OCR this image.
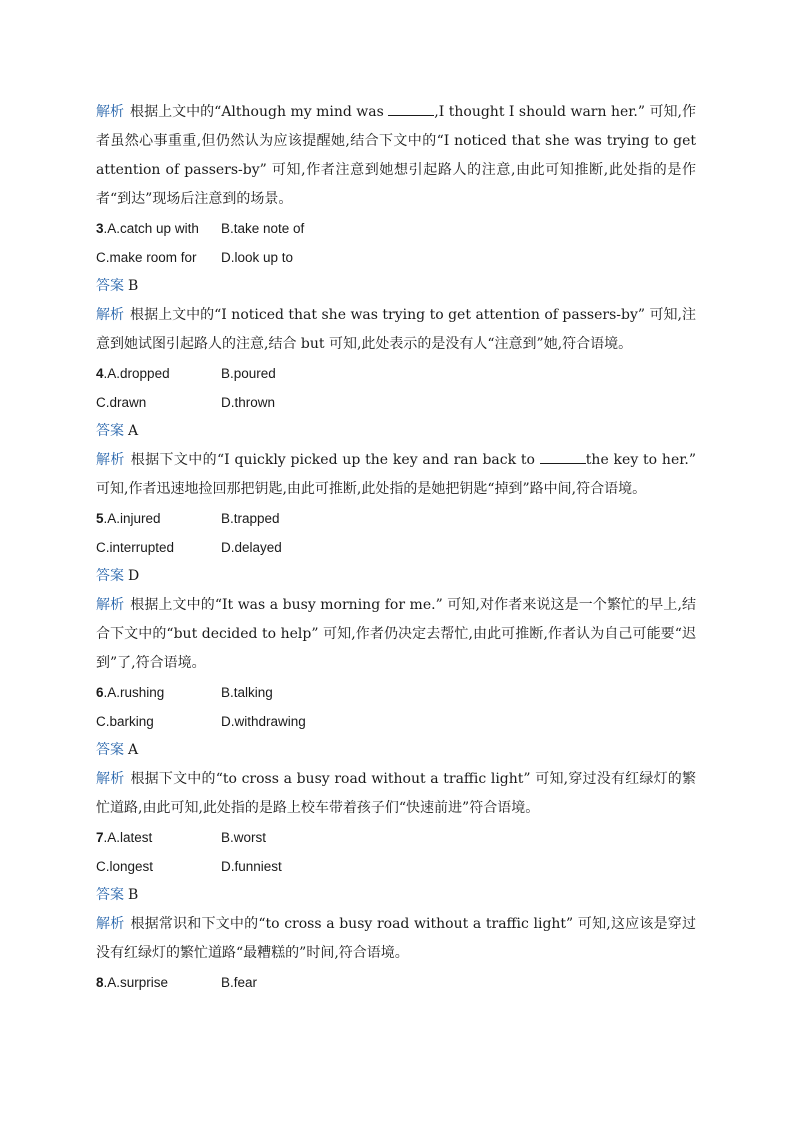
解析 根据上文中的“Although my mind was	,I thought I should warn her.” 可知,作者虽然心事重重,但仍然认为应该提醒她,结合下文中的“I noticed that she was trying to get attention of passers-by” 可知,作者注意到她想引起路人的注意,由此可知推断,此处指的是作者“到达”现场后注意到的场景。

3.A.catch up with	B.take note of
C.make room for	D.look up to

答案 B

解析 根据上文中的“I noticed that she was trying to get attention of passers-by” 可知,注意到她试图引起路人的注意,结合 but 可知,此处表示的是没有人“注意到”她,符合语境。

4.A.dropped	B.poured
C.drawn	D.thrown

答案 A

解析 根据下文中的“I quickly picked up the key and ran back to	the key to her.” 可知,作者迅速地捡回那把钥匙,由此可推断,此处指的是她把钥匙“掉到”路中间,符合语境。

5.A.injured	B.trapped
C.interrupted	D.delayed

答案 D

解析 根据上文中的“It was a busy morning for me.” 可知,对作者来说这是一个繁忙的早上,结合下文中的“but decided to help” 可知,作者仍决定去帮忙,由此可推断,作者认为自己可能要“迟到”了,符合语境。

6.A.rushing	B.talking
C.barking	D.withdrawing

答案 A

解析 根据下文中的“to cross a busy road without a traffic light” 可知,穿过没有红绿灯的繁忙道路,由此可知,此处指的是路上校车带着孩子们“快速前进”符合语境。

7.A.latest	B.worst
C.longest	D.funniest

答案 B

解析 根据常识和下文中的“to cross a busy road without a traffic light” 可知,这应该是穿过没有红绿灯的繁忙道路“最糟糕的”时间,符合语境。

8.A.surprise	B.fear
